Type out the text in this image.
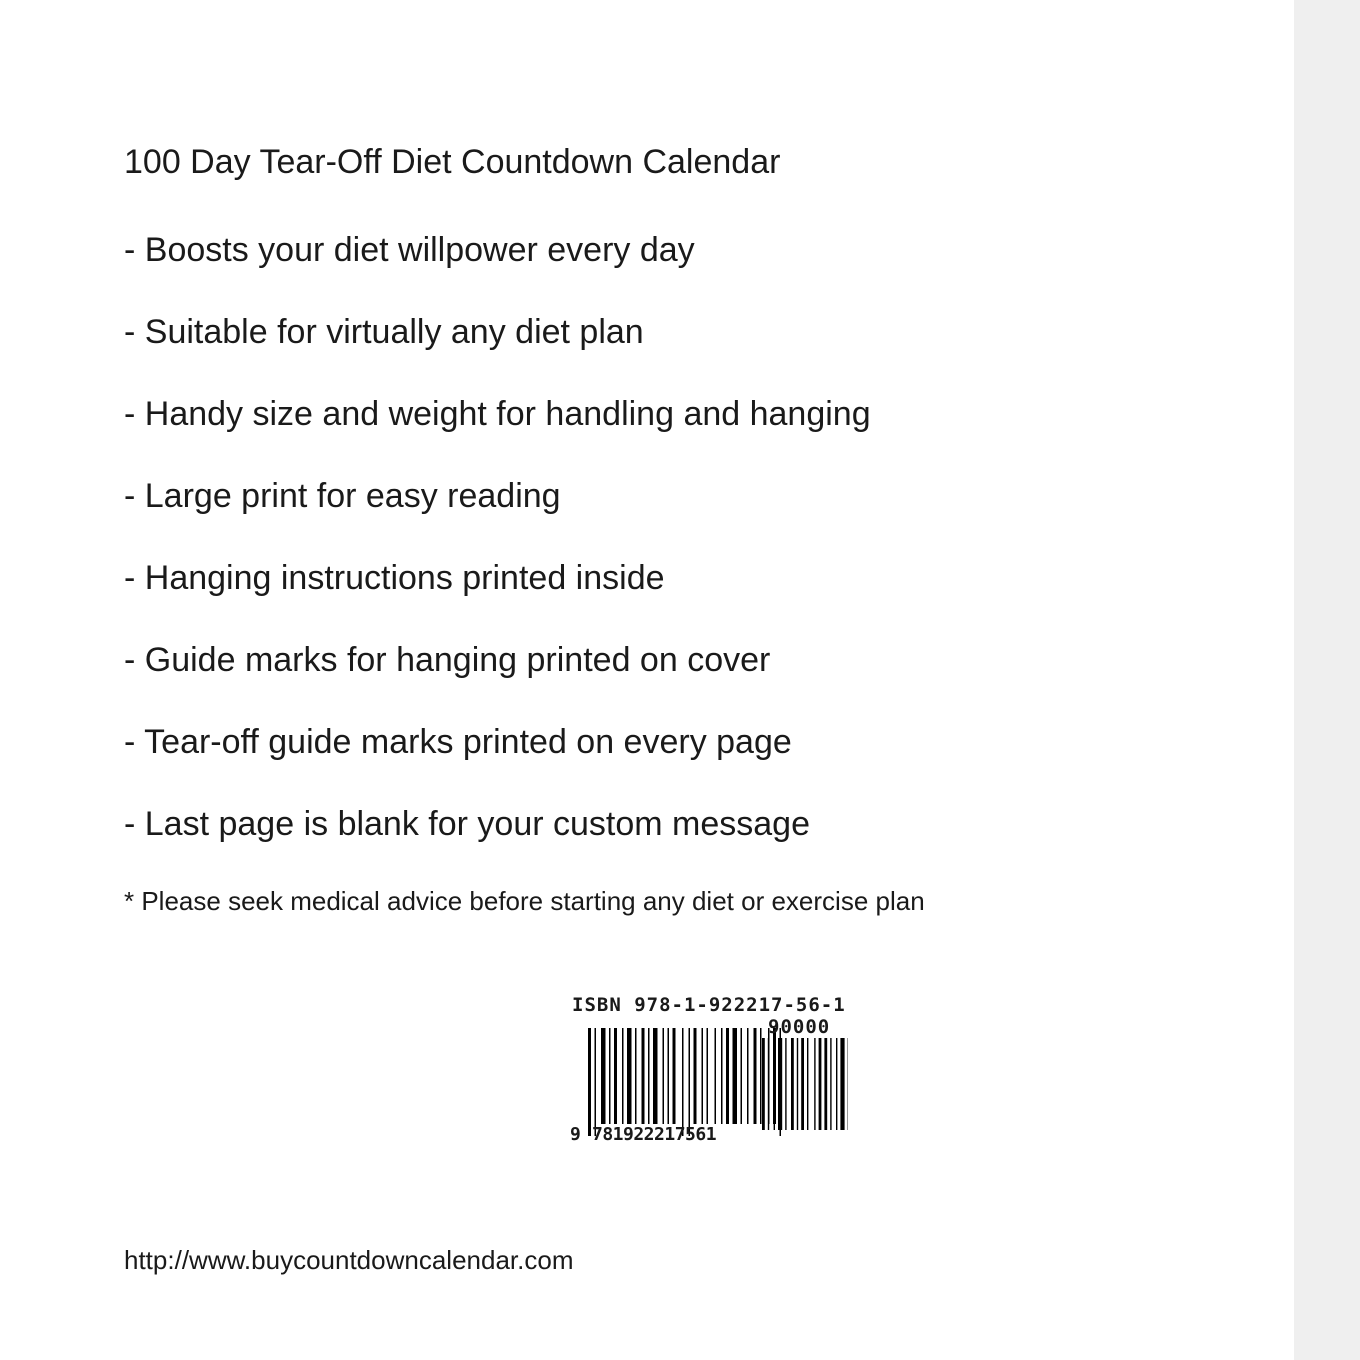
100 Day Tear-Off Diet Countdown Calendar
- Boosts your diet willpower every day
- Suitable for virtually any diet plan
- Handy size and weight for handling and hanging
- Large print for easy reading
- Hanging instructions printed inside
- Guide marks for hanging printed on cover
- Tear-off guide marks printed on every page
- Last page is blank for your custom message
* Please seek medical advice before starting any diet or exercise plan
ISBN 978-1-922217-56-1
90000
9 781922217561
http://www.buycountdowncalendar.com
